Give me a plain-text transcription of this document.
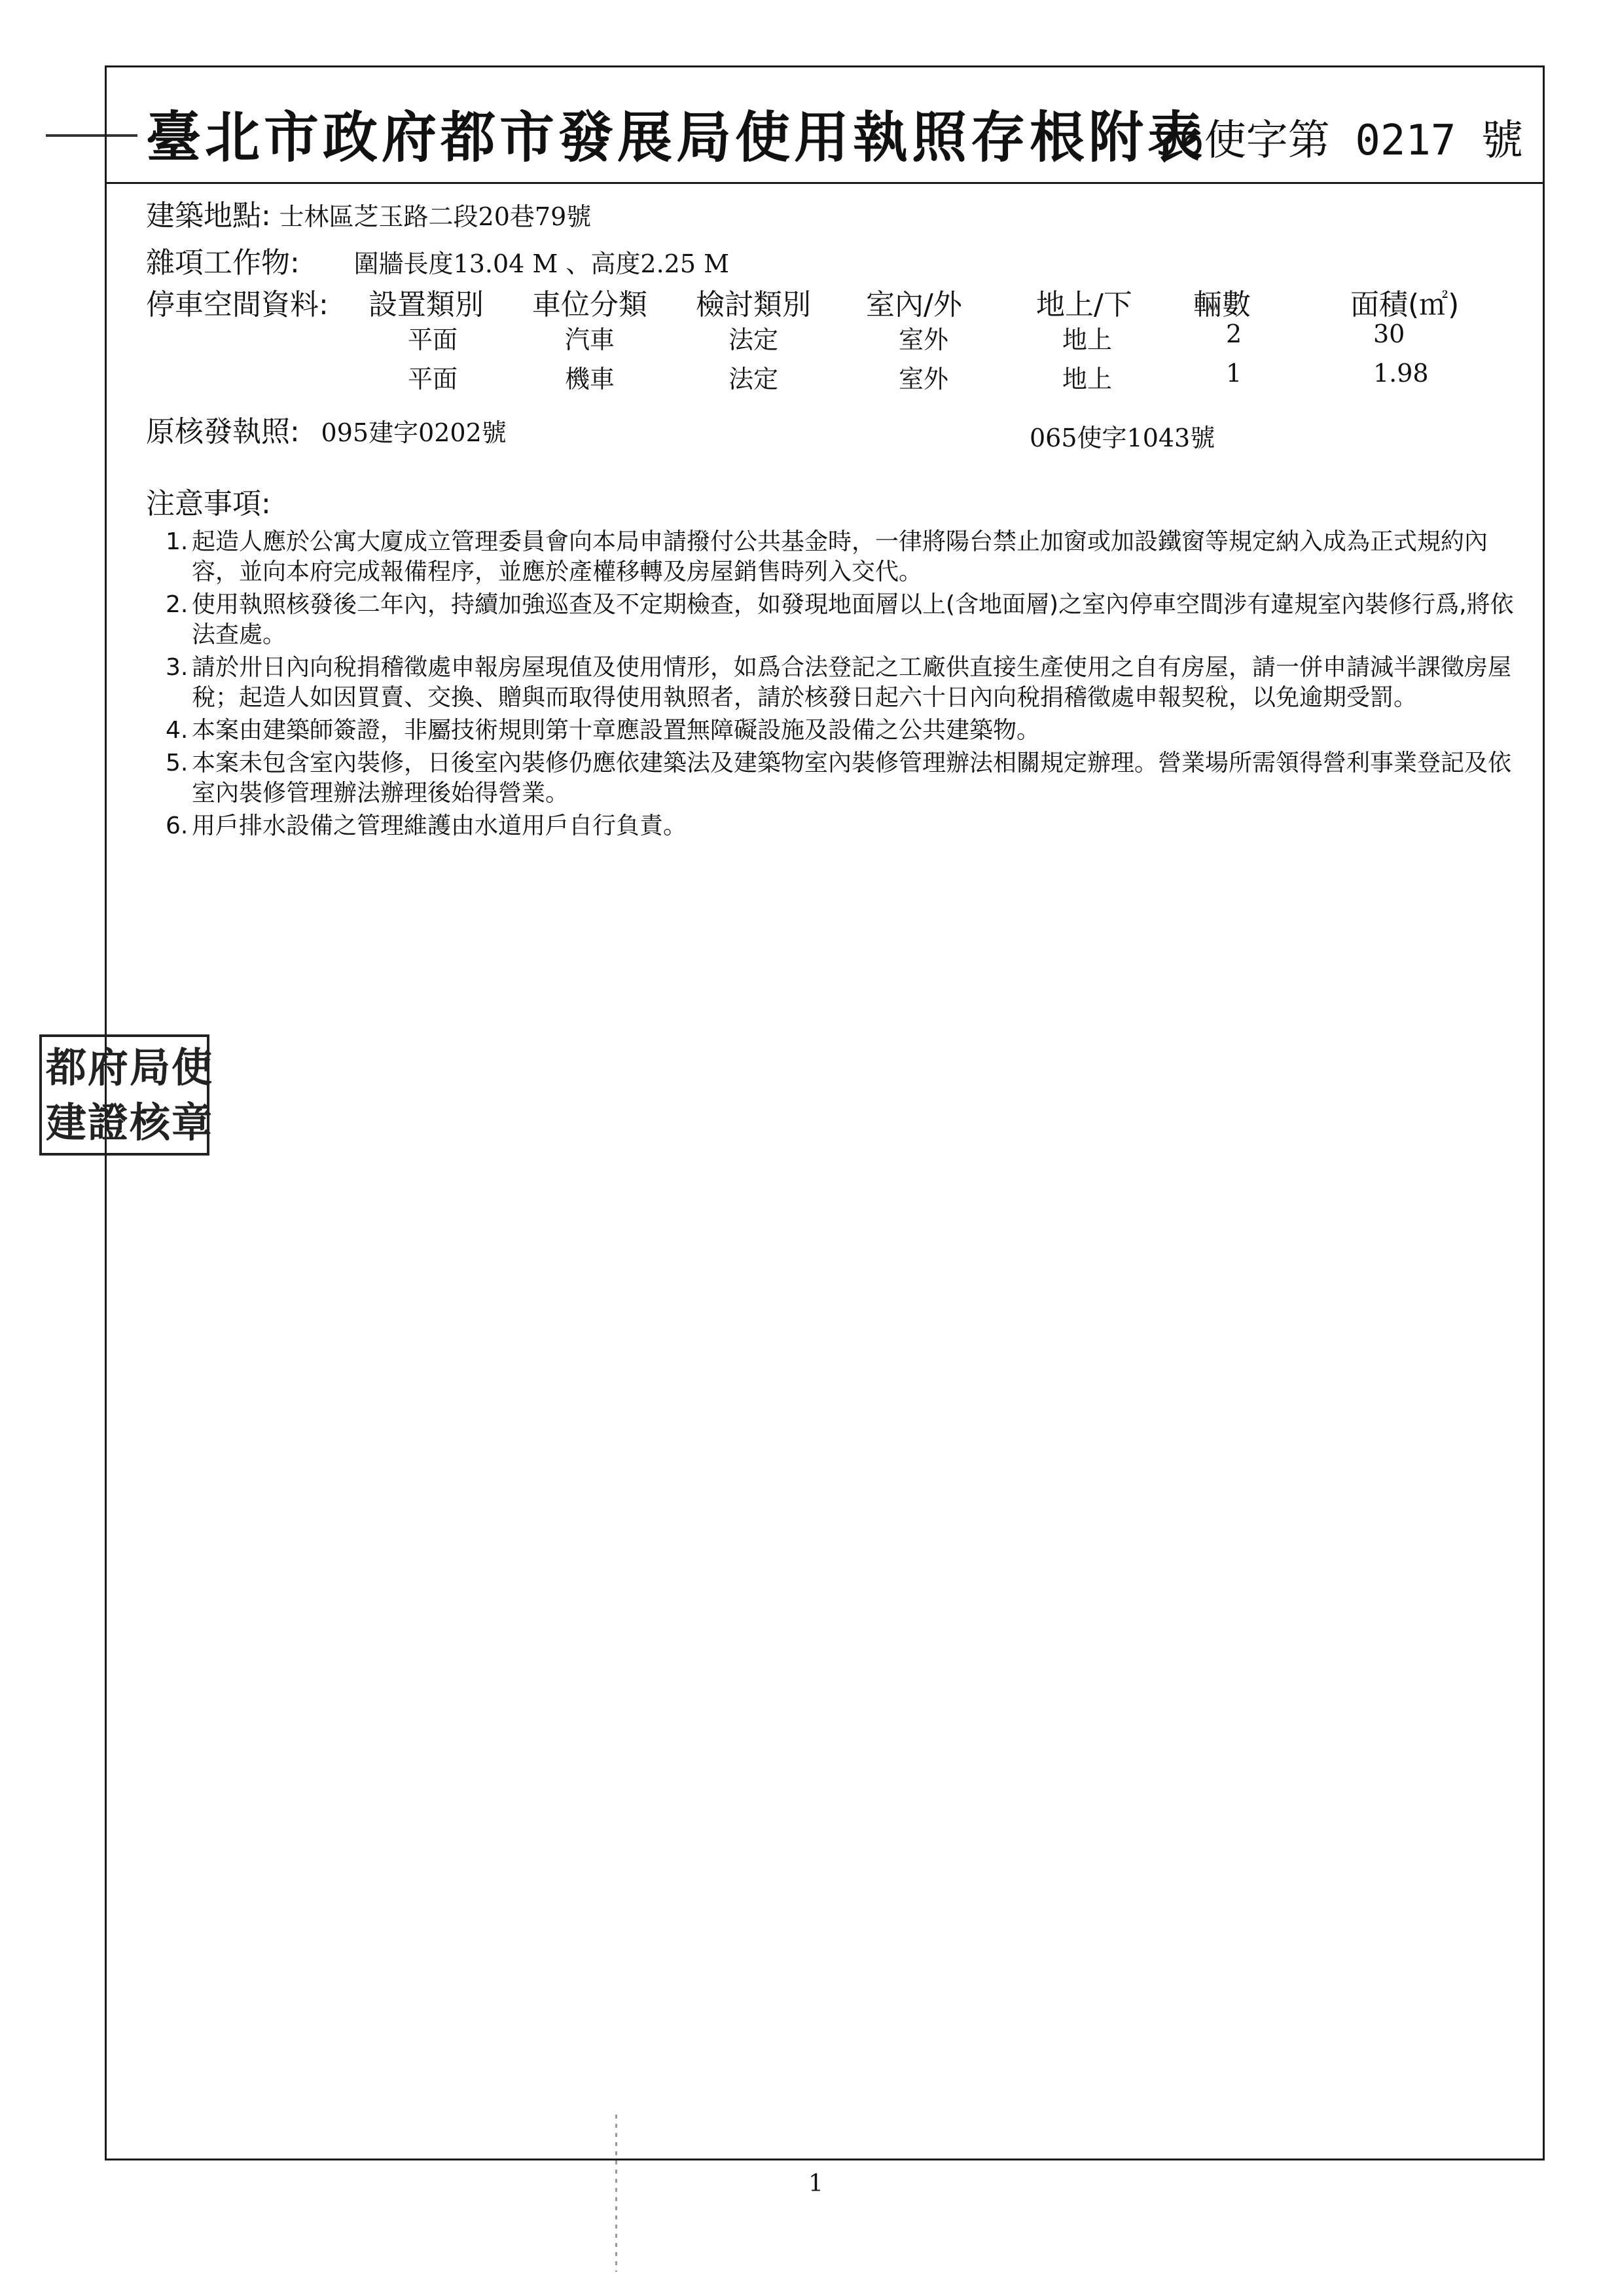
臺北市政府都市發展局使用執照存根附表
96使字第 0217 號
建築地點: 士林區芝玉路二段20巷79號
雜項工作物: 圍牆長度13.04 M 、高度2.25 M
停車空間資料: 設置類別 車位分類 檢討類別 室內/外	地上/下 輛數	面積(㎡)
平面	汽車	法定	室外	地上	2	30
平面	機車	法定	室外	地上	1	1.98
原核發執照: 095建字0202號	065使字1043號
注意事項:
1. 起造人應於公寓大廈成立管理委員會向本局申請撥付公共基金時，一律將陽台禁止加窗或加設鐵窗等規定納入成為正式規約內容，並向本府完成報備程序，並應於產權移轉及房屋銷售時列入交代。
2. 使用執照核發後二年內，持續加強巡查及不定期檢查，如發現地面層以上(含地面層)之室內停車空間涉有違規室內裝修行爲,將依法查處。
3. 請於卅日內向稅捐稽徵處申報房屋現值及使用情形，如爲合法登記之工廠供直接生產使用之自有房屋，請一併申請減半課徵房屋稅；起造人如因買賣、交換、贈與而取得使用執照者，請於核發日起六十日內向稅捐稽徵處申報契稅，以免逾期受罰。
4. 本案由建築師簽證，非屬技術規則第十章應設置無障礙設施及設備之公共建築物。
5. 本案未包含室內裝修，日後室內裝修仍應依建築法及建築物室內裝修管理辦法相關規定辦理。營業場所需領得營利事業登記及依室內裝修管理辦法辦理後始得營業。
6. 用戶排水設備之管理維護由水道用戶自行負責。
都 府 局 使
建 證 核 章
1
